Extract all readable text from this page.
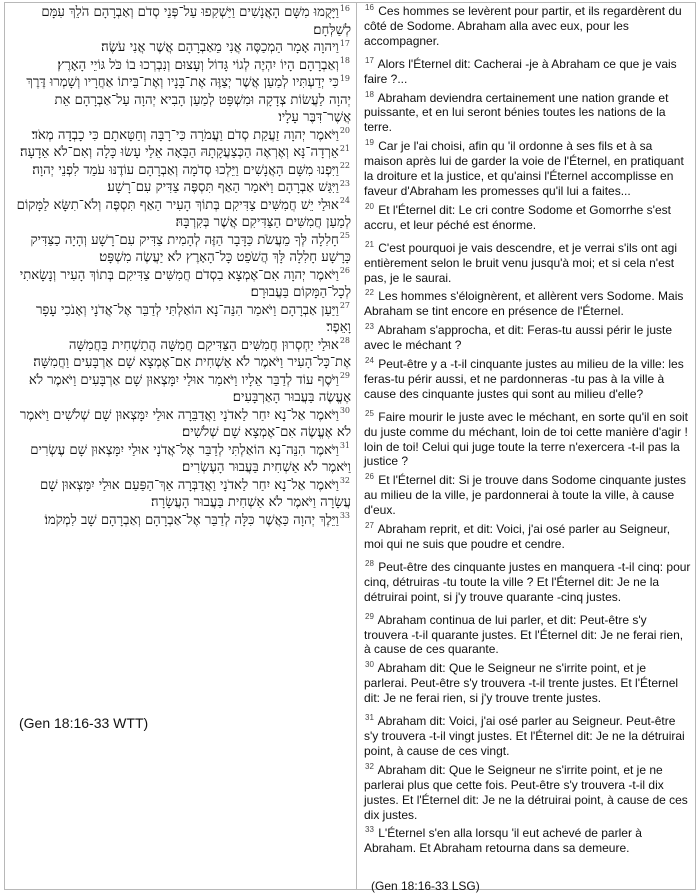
$^{16}$וַיָּקֻמוּ מִשָּׁם הָאֲנָשִׁים וַיַּשְׁקִפוּ עַל־פְּנֵי סְדֹם וְאַבְרָהָם הֹלֵךְ עִמָּם לְשַׁלְּחָם׃

$^{17}$וַיהוָה אָמָר הַמְכַסֶּה אֲנִי מֵאַבְרָהָם אֲשֶׁר אֲנִי עֹשֶׂה׃

$^{18}$וְאַבְרָהָם הָיוֹ יִהְיֶה לְגוֹי גָּדוֹל וְעָצוּם וְנִבְרְכוּ בוֹ כֹּל גּוֹיֵי הָאָרֶץ׃

$^{19}$כִּי יְדַעְתִּיו לְמַעַן אֲשֶׁר יְצַוֶּה אֶת־בָּנָיו וְאֶת־בֵּיתוֹ אַחֲרָיו וְשָׁמְרוּ דֶּרֶךְ יְהוָה לַעֲשׂוֹת צְדָקָה וּמִשְׁפָּט לְמַעַן הָבִיא יְהוָה עַל־אַבְרָהָם אֵת אֲשֶׁר־דִּבֶּר עָלָיו׃

$^{20}$וַיֹּאמֶר יְהוָה זַעֲקַת סְדֹם וַעֲמֹרָה כִּי־רָבָּה וְחַטָּאתָם כִּי כָבְדָה מְאֹד׃

$^{21}$אֵרְדָה־נָּא וְאֶרְאֶה הַכְּצַעֲקָתָהּ הַבָּאָה אֵלַי עָשׂוּ כָּלָה וְאִם־לֹא אֵדָעָה׃

$^{22}$וַיִּפְנוּ מִשָּׁם הָאֲנָשִׁים וַיֵּלְכוּ סְדֹמָה וְאַבְרָהָם עוֹדֶנּוּ עֹמֵד לִפְנֵי יְהוָה׃

$^{23}$וַיִּגַּשׁ אַבְרָהָם וַיֹּאמַר הַאַף תִּסְפֶּה צַדִּיק עִם־רָשָׁע׃

$^{24}$אוּלַי יֵשׁ חֲמִשִּׁים צַדִּיקִם בְּתוֹךְ הָעִיר הַאַף תִּסְפֶּה וְלֹא־תִשָּׂא לַמָּקוֹם לְמַעַן חֲמִשִּׁים הַצַּדִּיקִם אֲשֶׁר בְּקִרְבָּהּ׃

$^{25}$חָלִלָה לְּךָ מֵעֲשֹׂת כַּדָּבָר הַזֶּה לְהָמִית צַדִּיק עִם־רָשָׁע וְהָיָה כַצַּדִּיק כָּרָשָׁע חָלִלָה לָּךְ הֲשֹׁפֵט כָּל־הָאָרֶץ לֹא יַעֲשֶׂה מִשְׁפָּט׃

$^{26}$וַיֹּאמֶר יְהוָה אִם־אֶמְצָא בִסְדֹם חֲמִשִּׁים צַדִּיקִם בְּתוֹךְ הָעִיר וְנָשָׂאתִי לְכָל־הַמָּקוֹם בַּעֲבוּרָם׃

$^{27}$וַיַּעַן אַבְרָהָם וַיֹּאמַר הִנֵּה־נָא הוֹאַלְתִּי לְדַבֵּר אֶל־אֲדֹנָי וְאָנֹכִי עָפָר וָאֵפֶר׃

$^{28}$אוּלַי יַחְסְרוּן חֲמִשִּׁים הַצַּדִּיקִם חֲמִשָּׁה הֲתַשְׁחִית בַּחֲמִשָּׁה אֶת־כָּל־הָעִיר וַיֹּאמֶר לֹא אַשְׁחִית אִם־אֶמְצָא שָׁם אַרְבָּעִים וַחֲמִשָּׁה׃

$^{29}$וַיֹּסֶף עוֹד לְדַבֵּר אֵלָיו וַיֹּאמַר אוּלַי יִמָּצְאוּן שָׁם אַרְבָּעִים וַיֹּאמֶר לֹא אֶעֱשֶׂה בַּעֲבוּר הָאַרְבָּעִים׃

$^{30}$וַיֹּאמֶר אַל־נָא יִחַר לַאדֹנָי וַאֲדַבֵּרָה אוּלַי יִמָּצְאוּן שָׁם שְׁלֹשִׁים וַיֹּאמֶר לֹא אֶעֱשֶׂה אִם־אֶמְצָא שָׁם שְׁלֹשִׁים׃

$^{31}$וַיֹּאמֶר הִנֵּה־נָא הוֹאַלְתִּי לְדַבֵּר אֶל־אֲדֹנָי אוּלַי יִמָּצְאוּן שָׁם עֶשְׂרִים וַיֹּאמֶר לֹא אַשְׁחִית בַּעֲבוּר הָעֶשְׂרִים׃

$^{32}$וַיֹּאמֶר אַל־נָא יִחַר לַאדֹנָי וַאֲדַבְּרָה אַךְ־הַפַּעַם אוּלַי יִמָּצְאוּן שָׁם עֲשָׂרָה וַיֹּאמֶר לֹא אַשְׁחִית בַּעֲבוּר הָעֲשָׂרָה׃

$^{33}$וַיֵּלֶךְ יְהוָה כַּאֲשֶׁר כִּלָּה לְדַבֵּר אֶל־אַבְרָהָם וְאַבְרָהָם שָׁב לִמְקֹמוֹ׃

(Gen 18:16-33 WTT)

$^{16}$ Ces hommes se levèrent pour partir, et ils regardèrent du côté de Sodome. Abraham alla avec eux, pour les accompagner.

$^{17}$ Alors l'Éternel dit: Cacherai -je à Abraham ce que je vais faire ?...

$^{18}$ Abraham deviendra certainement une nation grande et puissante, et en lui seront bénies toutes les nations de la terre.

$^{19}$ Car je l'ai choisi, afin qu 'il ordonne à ses fils et à sa maison après lui de garder la voie de l'Éternel, en pratiquant la droiture et la justice, et qu'ainsi l'Éternel accomplisse en faveur d'Abraham les promesses qu'il lui a faites...

$^{20}$ Et l'Éternel dit: Le cri contre Sodome et Gomorrhe s'est accru, et leur péché est énorme.

$^{21}$ C'est pourquoi je vais descendre, et je verrai s'ils ont agi entièrement selon le bruit venu jusqu'à moi; et si cela n'est pas, je le saurai.

$^{22}$ Les hommes s'éloignèrent, et allèrent vers Sodome. Mais Abraham se tint encore en présence de l'Éternel.

$^{23}$ Abraham s'approcha, et dit: Feras-tu aussi périr le juste avec le méchant ?

$^{24}$ Peut-être y a -t-il cinquante justes au milieu de la ville: les feras-tu périr aussi, et ne pardonneras -tu pas à la ville à cause des cinquante justes qui sont au milieu d'elle?

$^{25}$ Faire mourir le juste avec le méchant, en sorte qu'il en soit du juste comme du méchant, loin de toi cette manière d'agir ! loin de toi! Celui qui juge toute la terre n'exercera -t-il pas la justice ?

$^{26}$ Et l'Éternel dit: Si je trouve dans Sodome cinquante justes au milieu de la ville, je pardonnerai à toute la ville, à cause d'eux.

$^{27}$ Abraham reprit, et dit: Voici, j'ai osé parler au Seigneur, moi qui ne suis que poudre et cendre.

$^{28}$ Peut-être des cinquante justes en manquera -t-il cinq: pour cinq, détruiras -tu toute la ville ? Et l'Éternel dit: Je ne la détruirai point, si j'y trouve quarante -cinq justes.

$^{29}$ Abraham continua de lui parler, et dit: Peut-être s'y trouvera -t-il quarante justes. Et l'Éternel dit: Je ne ferai rien, à cause de ces quarante.

$^{30}$ Abraham dit: Que le Seigneur ne s'irrite point, et je parlerai. Peut-être s'y trouvera -t-il trente justes. Et l'Éternel dit: Je ne ferai rien, si j'y trouve trente justes.

$^{31}$ Abraham dit: Voici, j'ai osé parler au Seigneur. Peut-être s'y trouvera -t-il vingt justes. Et l'Éternel dit: Je ne la détruirai point, à cause de ces vingt.

$^{32}$ Abraham dit: Que le Seigneur ne s'irrite point, et je ne parlerai plus que cette fois. Peut-être s'y trouvera -t-il dix justes. Et l'Éternel dit: Je ne la détruirai point, à cause de ces dix justes.

$^{33}$ L'Éternel s'en alla lorsqu 'il eut achevé de parler à Abraham. Et Abraham retourna dans sa demeure.

(Gen 18:16-33 LSG)
